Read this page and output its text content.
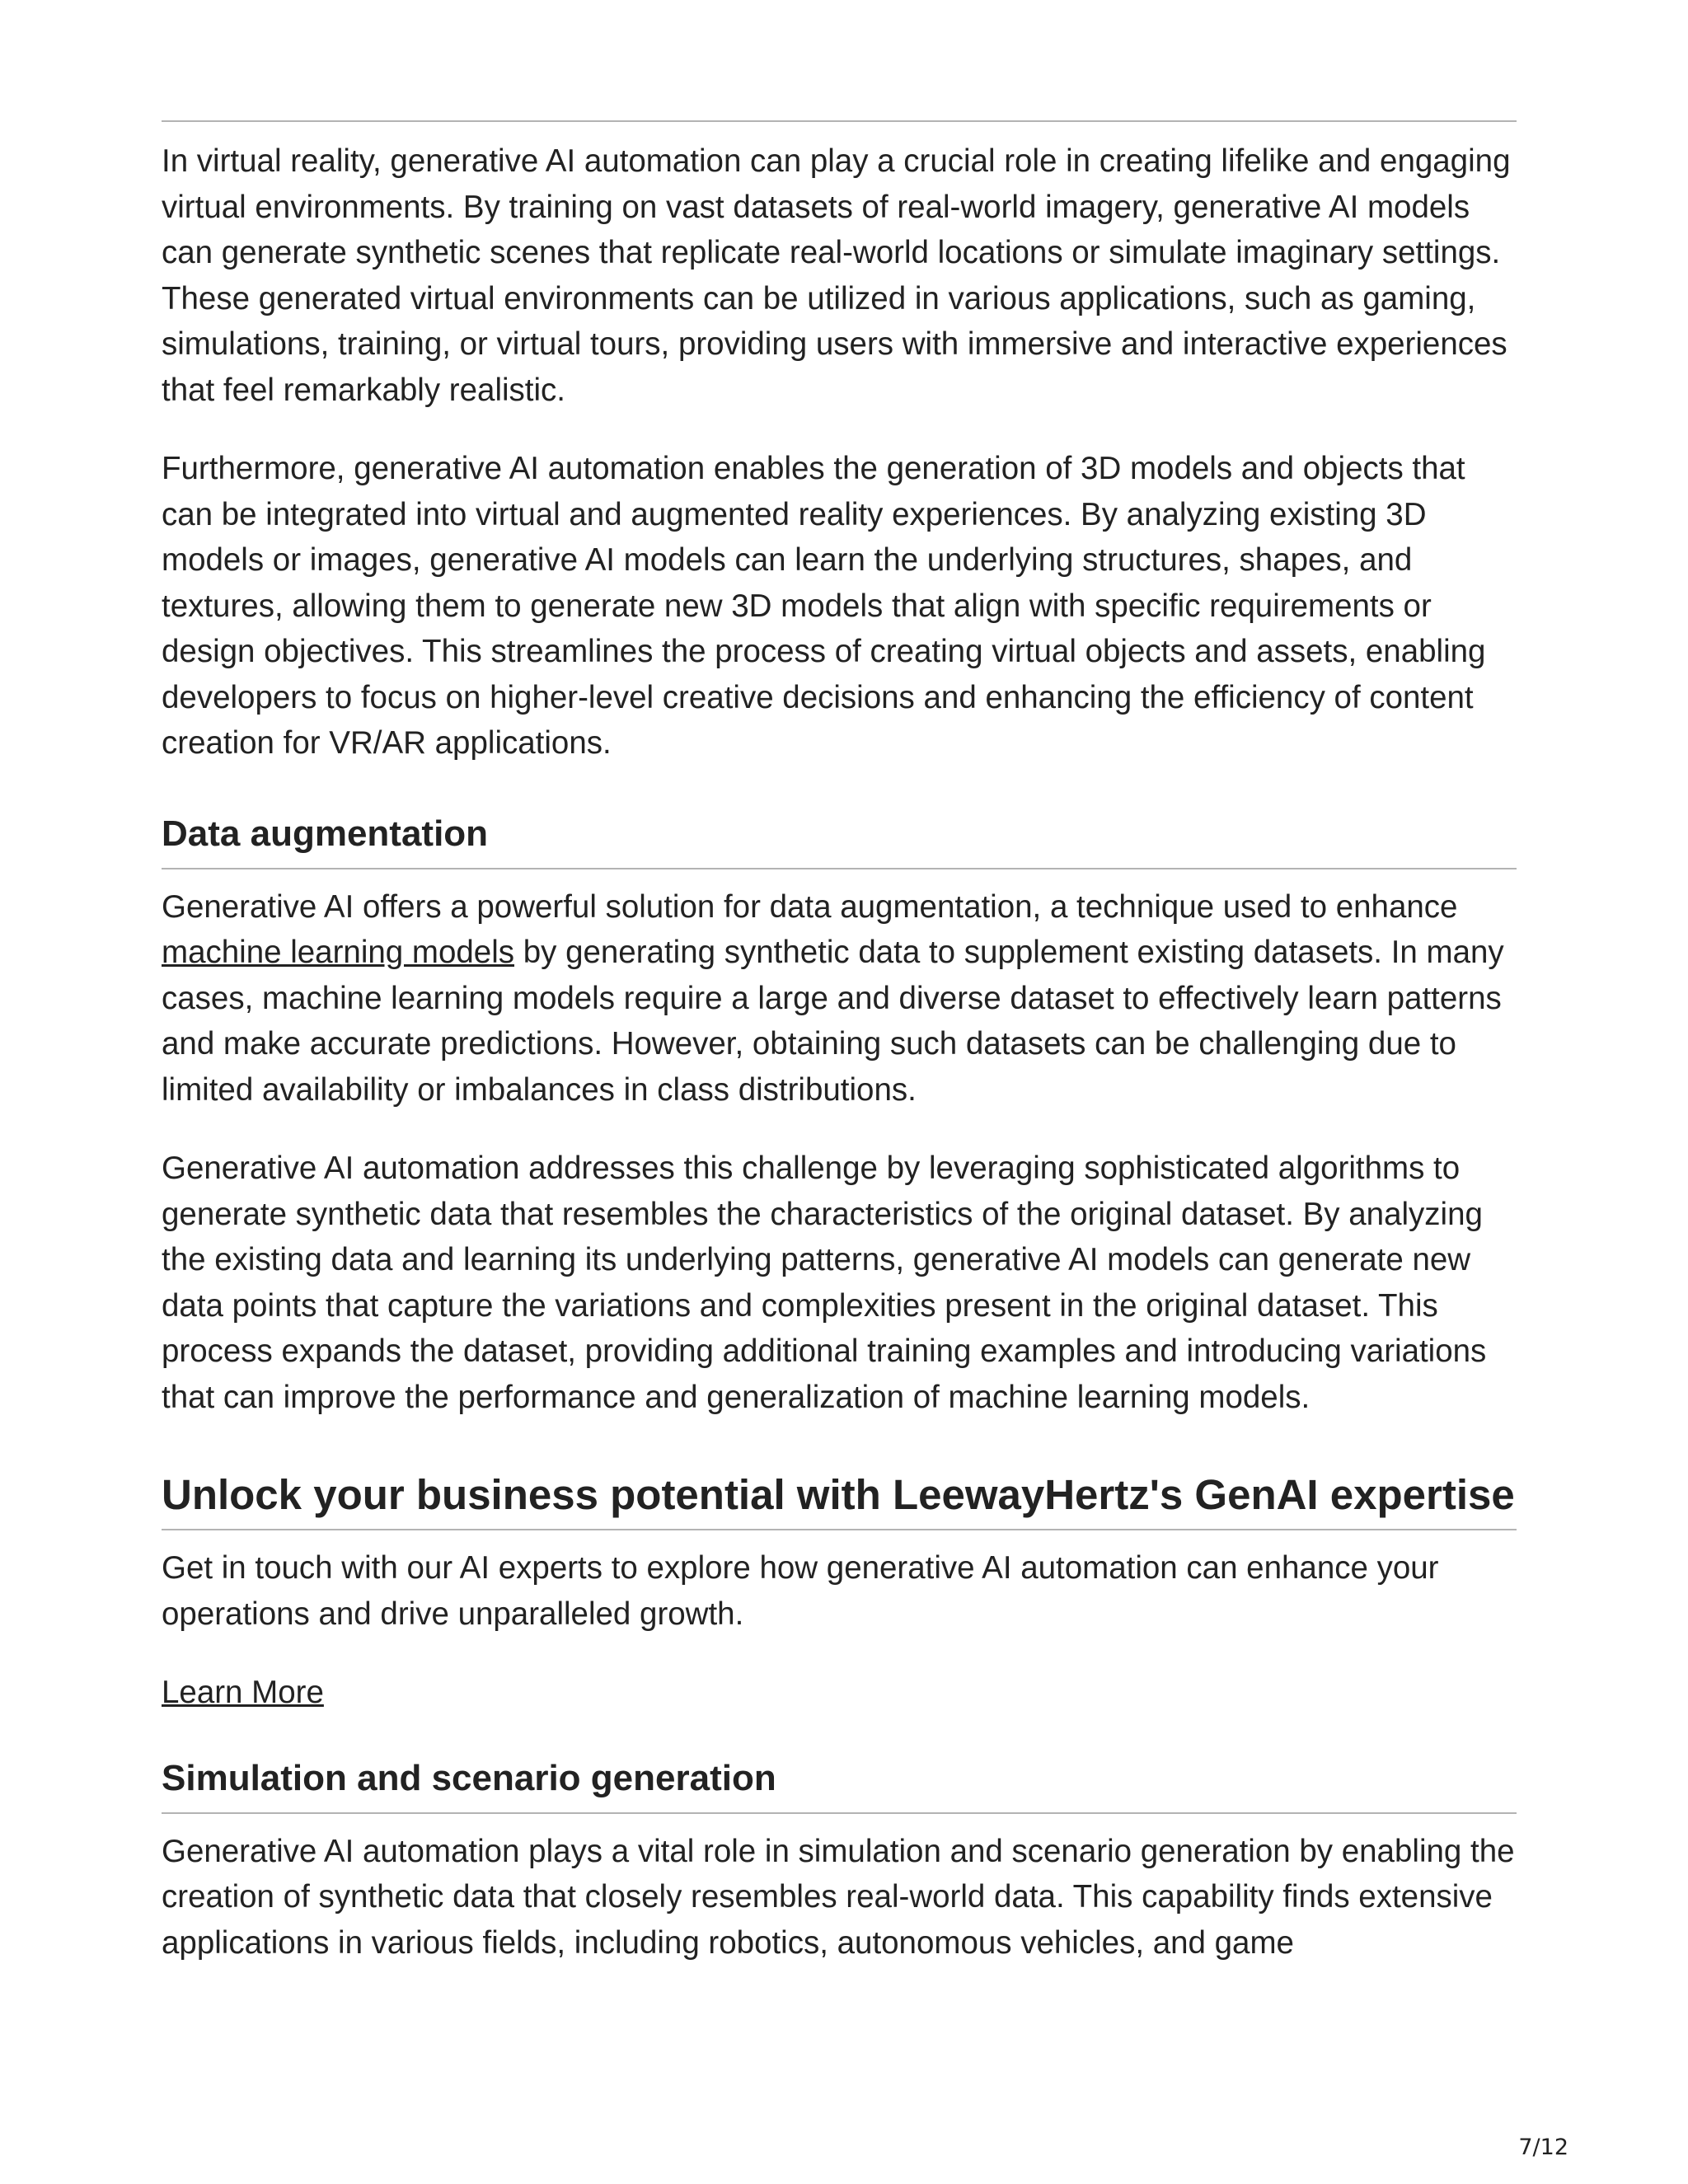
In virtual reality, generative AI automation can play a crucial role in creating lifelike and engaging virtual environments. By training on vast datasets of real-world imagery, generative AI models can generate synthetic scenes that replicate real-world locations or simulate imaginary settings. These generated virtual environments can be utilized in various applications, such as gaming, simulations, training, or virtual tours, providing users with immersive and interactive experiences that feel remarkably realistic.

Furthermore, generative AI automation enables the generation of 3D models and objects that can be integrated into virtual and augmented reality experiences. By analyzing existing 3D models or images, generative AI models can learn the underlying structures, shapes, and textures, allowing them to generate new 3D models that align with specific requirements or design objectives. This streamlines the process of creating virtual objects and assets, enabling developers to focus on higher-level creative decisions and enhancing the efficiency of content creation for VR/AR applications.

Data augmentation

Generative AI offers a powerful solution for data augmentation, a technique used to enhance machine learning models by generating synthetic data to supplement existing datasets. In many cases, machine learning models require a large and diverse dataset to effectively learn patterns and make accurate predictions. However, obtaining such datasets can be challenging due to limited availability or imbalances in class distributions.

Generative AI automation addresses this challenge by leveraging sophisticated algorithms to generate synthetic data that resembles the characteristics of the original dataset. By analyzing the existing data and learning its underlying patterns, generative AI models can generate new data points that capture the variations and complexities present in the original dataset. This process expands the dataset, providing additional training examples and introducing variations that can improve the performance and generalization of machine learning models.

Unlock your business potential with LeewayHertz's GenAI expertise

Get in touch with our AI experts to explore how generative AI automation can enhance your operations and drive unparalleled growth.

Learn More

Simulation and scenario generation

Generative AI automation plays a vital role in simulation and scenario generation by enabling the creation of synthetic data that closely resembles real-world data. This capability finds extensive applications in various fields, including robotics, autonomous vehicles, and game

7/12
